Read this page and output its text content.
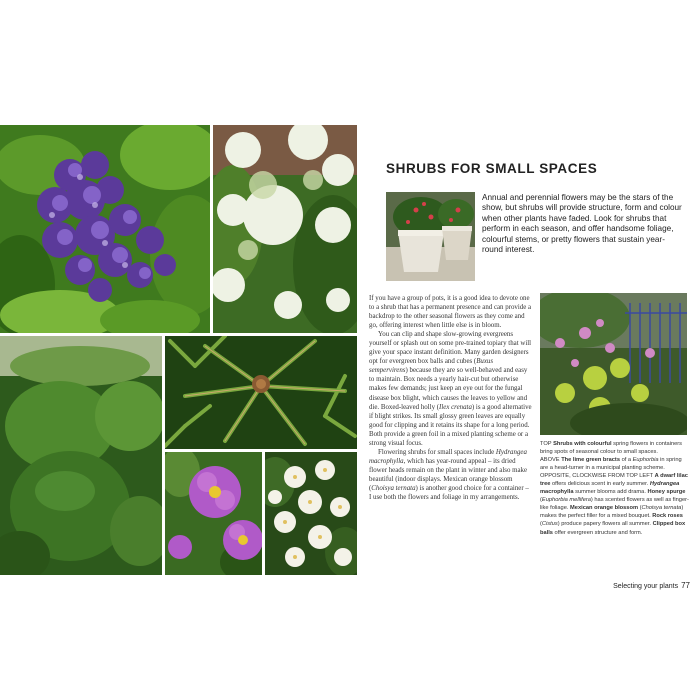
SHRUBS FOR SMALL SPACES

Annual and perennial flowers may be the stars of the show, but shrubs will provide structure, form and colour when other plants have faded. Look for shrubs that perform in each season, and offer handsome foliage, colourful stems, or pretty flowers that sustain year-round interest.

If you have a group of pots, it is a good idea to devote one to a shrub that has a permanent presence and can provide a backdrop to the other seasonal flowers as they come and go, offering interest when little else is in bloom.

You can clip and shape slow-growing evergreens yourself or splash out on some pre-trained topiary that will give your space instant definition. Many garden designers opt for evergreen box balls and cubes (Buxus sempervirens) because they are so well-behaved and easy to maintain. Box needs a yearly hair-cut but otherwise makes few demands; just keep an eye out for the fungal disease box blight, which causes the leaves to yellow and die. Boxed-leaved holly (Ilex crenata) is a good alternative if blight strikes. Its small glossy green leaves are equally good for clipping and it retains its shape for a long period. Both provide a green foil in a mixed planting scheme or a strong visual focus.

Flowering shrubs for small spaces include Hydrangea macrophylla, which has year-round appeal – its dried flower heads remain on the plant in winter and also make beautiful (indoor displays. Mexican orange blossom (Choisya ternata) is another good choice for a container – I use both the flowers and foliage in my arrangements.

TOP Shrubs with colourful spring flowers in containers bring spots of seasonal colour to small spaces.
ABOVE The lime green bracts of a Euphorbia in spring are a head-turner in a municipal planting scheme.
OPPOSITE, CLOCKWISE FROM TOP LEFT A dwarf lilac tree offers delicious scent in early summer. Hydrangea macrophylla summer blooms add drama. Honey spurge (Euphorbia mellifera) has scented flowers as well as finger-like foliage. Mexican orange blossom (Choisya ternata) makes the perfect filler for a mixed bouquet. Rock roses (Cistus) produce papery flowers all summer. Clipped box balls offer evergreen structure and form.

Selecting your plants 77
